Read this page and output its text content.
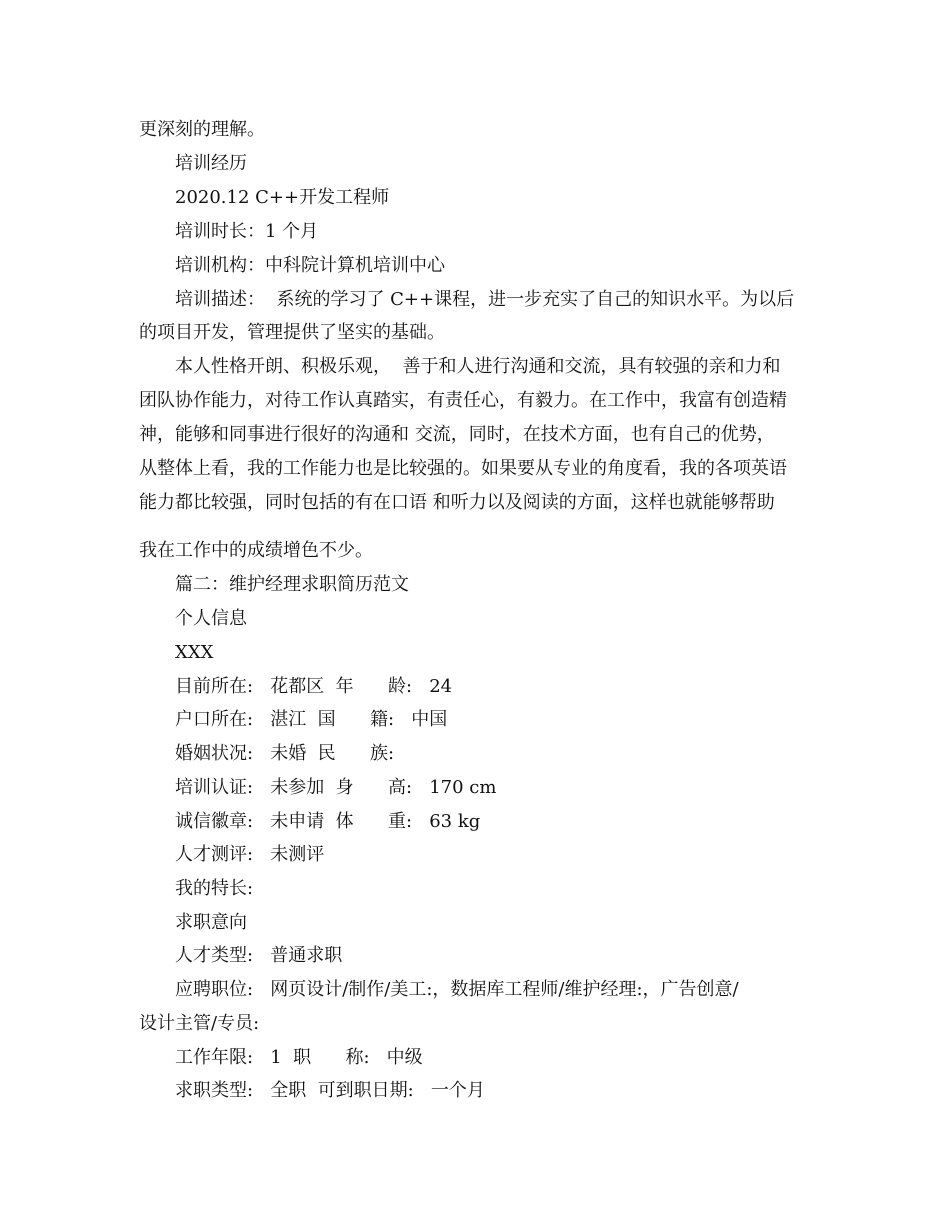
更深刻的理解。
培训经历
2020.12 C++开发工程师
培训时长：1 个月
培训机构：中科院计算机培训中心
培训描述：  系统的学习了 C++课程，进一步充实了自己的知识水平。为以后
的项目开发，管理提供了坚实的基础。
本人性格开朗、积极乐观，  善于和人进行沟通和交流，具有较强的亲和力和
团队协作能力，对待工作认真踏实，有责任心，有毅力。在工作中，我富有创造精
神，能够和同事进行很好的沟通和 交流，同时，在技术方面，也有自己的优势，
从整体上看，我的工作能力也是比较强的。如果要从专业的角度看，我的各项英语
能力都比较强，同时包括的有在口语 和听力以及阅读的方面，这样也就能够帮助
我在工作中的成绩增色不少。
篇二：维护经理求职简历范文
个人信息
XXX
目前所在:   花都区  年      龄:   24
户口所在:   湛江  国      籍:   中国
婚姻状况:   未婚  民      族:
培训认证:   未参加  身      高:   170 cm
诚信徽章:   未申请  体      重:   63 kg
人才测评:   未测评
我的特长:
求职意向
人才类型:   普通求职
应聘职位:   网页设计/制作/美工:，数据库工程师/维护经理:，广告创意/
设计主管/专员:
工作年限:   1  职      称:   中级
求职类型:   全职  可到职日期:   一个月
